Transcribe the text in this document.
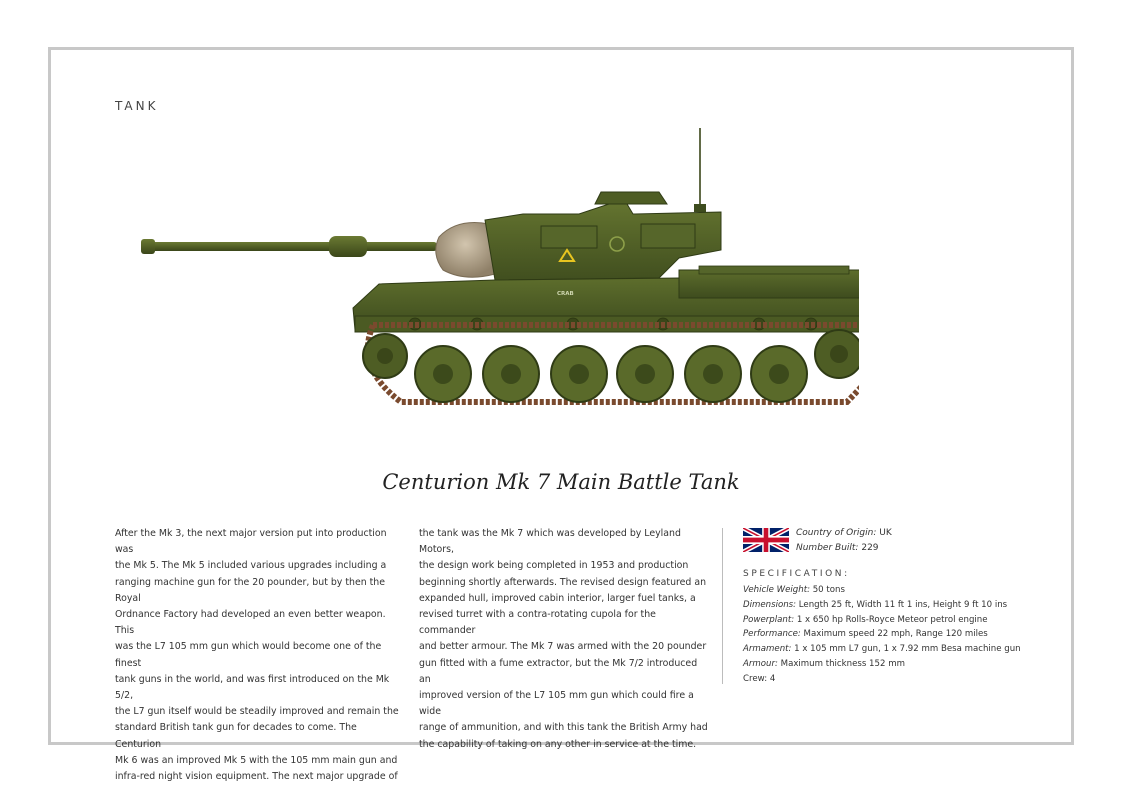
TANK
CRAB
Centurion Mk 7 Main Battle Tank
After the Mk 3, the next major version put into production was
the Mk 5. The Mk 5 included various upgrades including a
ranging machine gun for the 20 pounder, but by then the Royal
Ordnance Factory had developed an even better weapon. This
was the L7 105 mm gun which would become one of the finest
tank guns in the world, and was first introduced on the Mk 5/2,
the L7 gun itself would be steadily improved and remain the
standard British tank gun for decades to come. The Centurion
Mk 6 was an improved Mk 5 with the 105 mm main gun and
infra-red night vision equipment. The next major upgrade of
the tank was the Mk 7 which was developed by Leyland Motors,
the design work being completed in 1953 and production
beginning shortly afterwards. The revised design featured an
expanded hull, improved cabin interior, larger fuel tanks, a
revised turret with a contra-rotating cupola for the commander
and better armour. The Mk 7 was armed with the 20 pounder
gun fitted with a fume extractor, but the Mk 7/2 introduced an
improved version of the L7 105 mm gun which could fire a wide
range of ammunition, and with this tank the British Army had
the capability of taking on any other in service at the time.
Country of Origin: UK
Number Built: 229
SPECIFICATION:
Vehicle Weight: 50 tons
Dimensions: Length 25 ft, Width 11 ft 1 ins, Height 9 ft 10 ins
Powerplant: 1 x 650 hp Rolls-Royce Meteor petrol engine
Performance: Maximum speed 22 mph, Range 120 miles
Armament: 1 x 105 mm L7 gun, 1 x 7.92 mm Besa machine gun
Armour: Maximum thickness 152 mm
Crew: 4
